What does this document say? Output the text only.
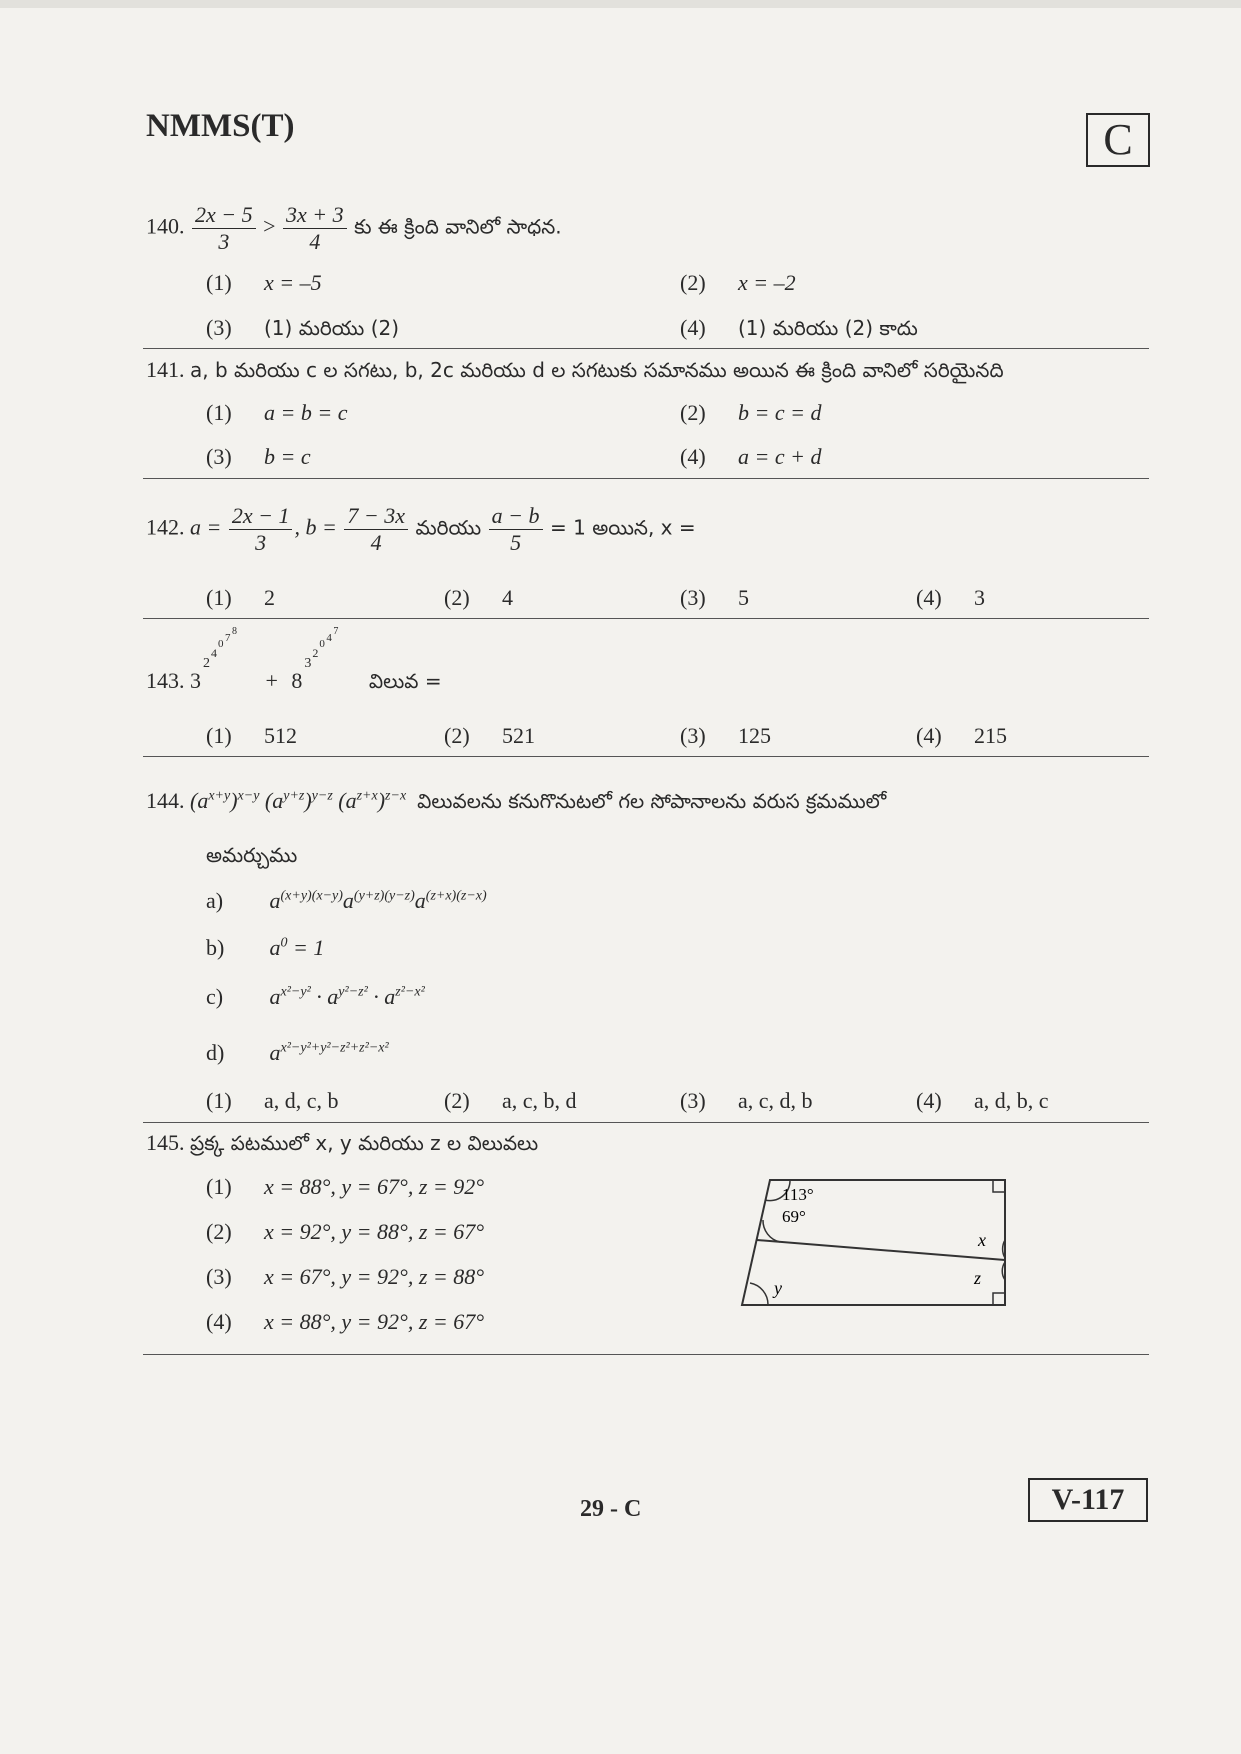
NMMS(T)	C
140. $\frac{2x - 5}{3} > \frac{3x + 3}{4}$ కు ఈ క్రింది వానిలో సాధన.
(1) x = –5	(2) x = –2
(3) (1) మరియు (2)	(4) (1) మరియు (2) కాదు
141. a, b మరియు c ల సగటు, b, 2c మరియు d ల సగటుకు సమానము అయిన ఈ క్రింది వానిలో సరియైనది
(1) a = b = c	(2) b = c = d
(3) b = c	(4) a = c + d
142. $a = \frac{2x - 1}{3}$ , $b = \frac{7 - 3x}{4}$ మరియు $\frac{a - b}{5} = 1$ అయిన, x =
(1) 2	(2) 4	(3) 5	(4) 3
143. 3
2
4
0 7
8
+ 8
3
2
0 4
7
విలువ =
(1) 512	(2) 521	(3) 125	(4) 215
144. $(a^{x+y})^{x-y}$ $(a^{y+z})^{y-z}$ $(a^{z+x})^{z-x}$ విలువలను కనుగొనుటలో గల సోపానాలను వరుస క్రమములో
అమర్చుము
a) $a^{(x+y)(x-y)}a^{(y+z)(y-z)}a^{(z+x)(z-x)}$
b) $a^0 = 1$
c) $a^{x^2-y^2} \cdot a^{y^2-z^2} \cdot a^{z^2-x^2}$
d) $a^{x^2-y^2+y^2-z^2+z^2-x^2}$
(1) a, d, c, b	(2) a, c, b, d	(3) a, c, d, b	(4) a, d, b, c
145. ప్రక్క పటములో x, y మరియు z ల విలువలు
(1) x = 88°, y = 67°, z = 92°
(2) x = 92°, y = 88°, z = 67°
(3) x = 67°, y = 92°, z = 88°
(4) x = 88°, y = 92°, z = 67°
113°
69°
x
z
y
29 - C	V-117
